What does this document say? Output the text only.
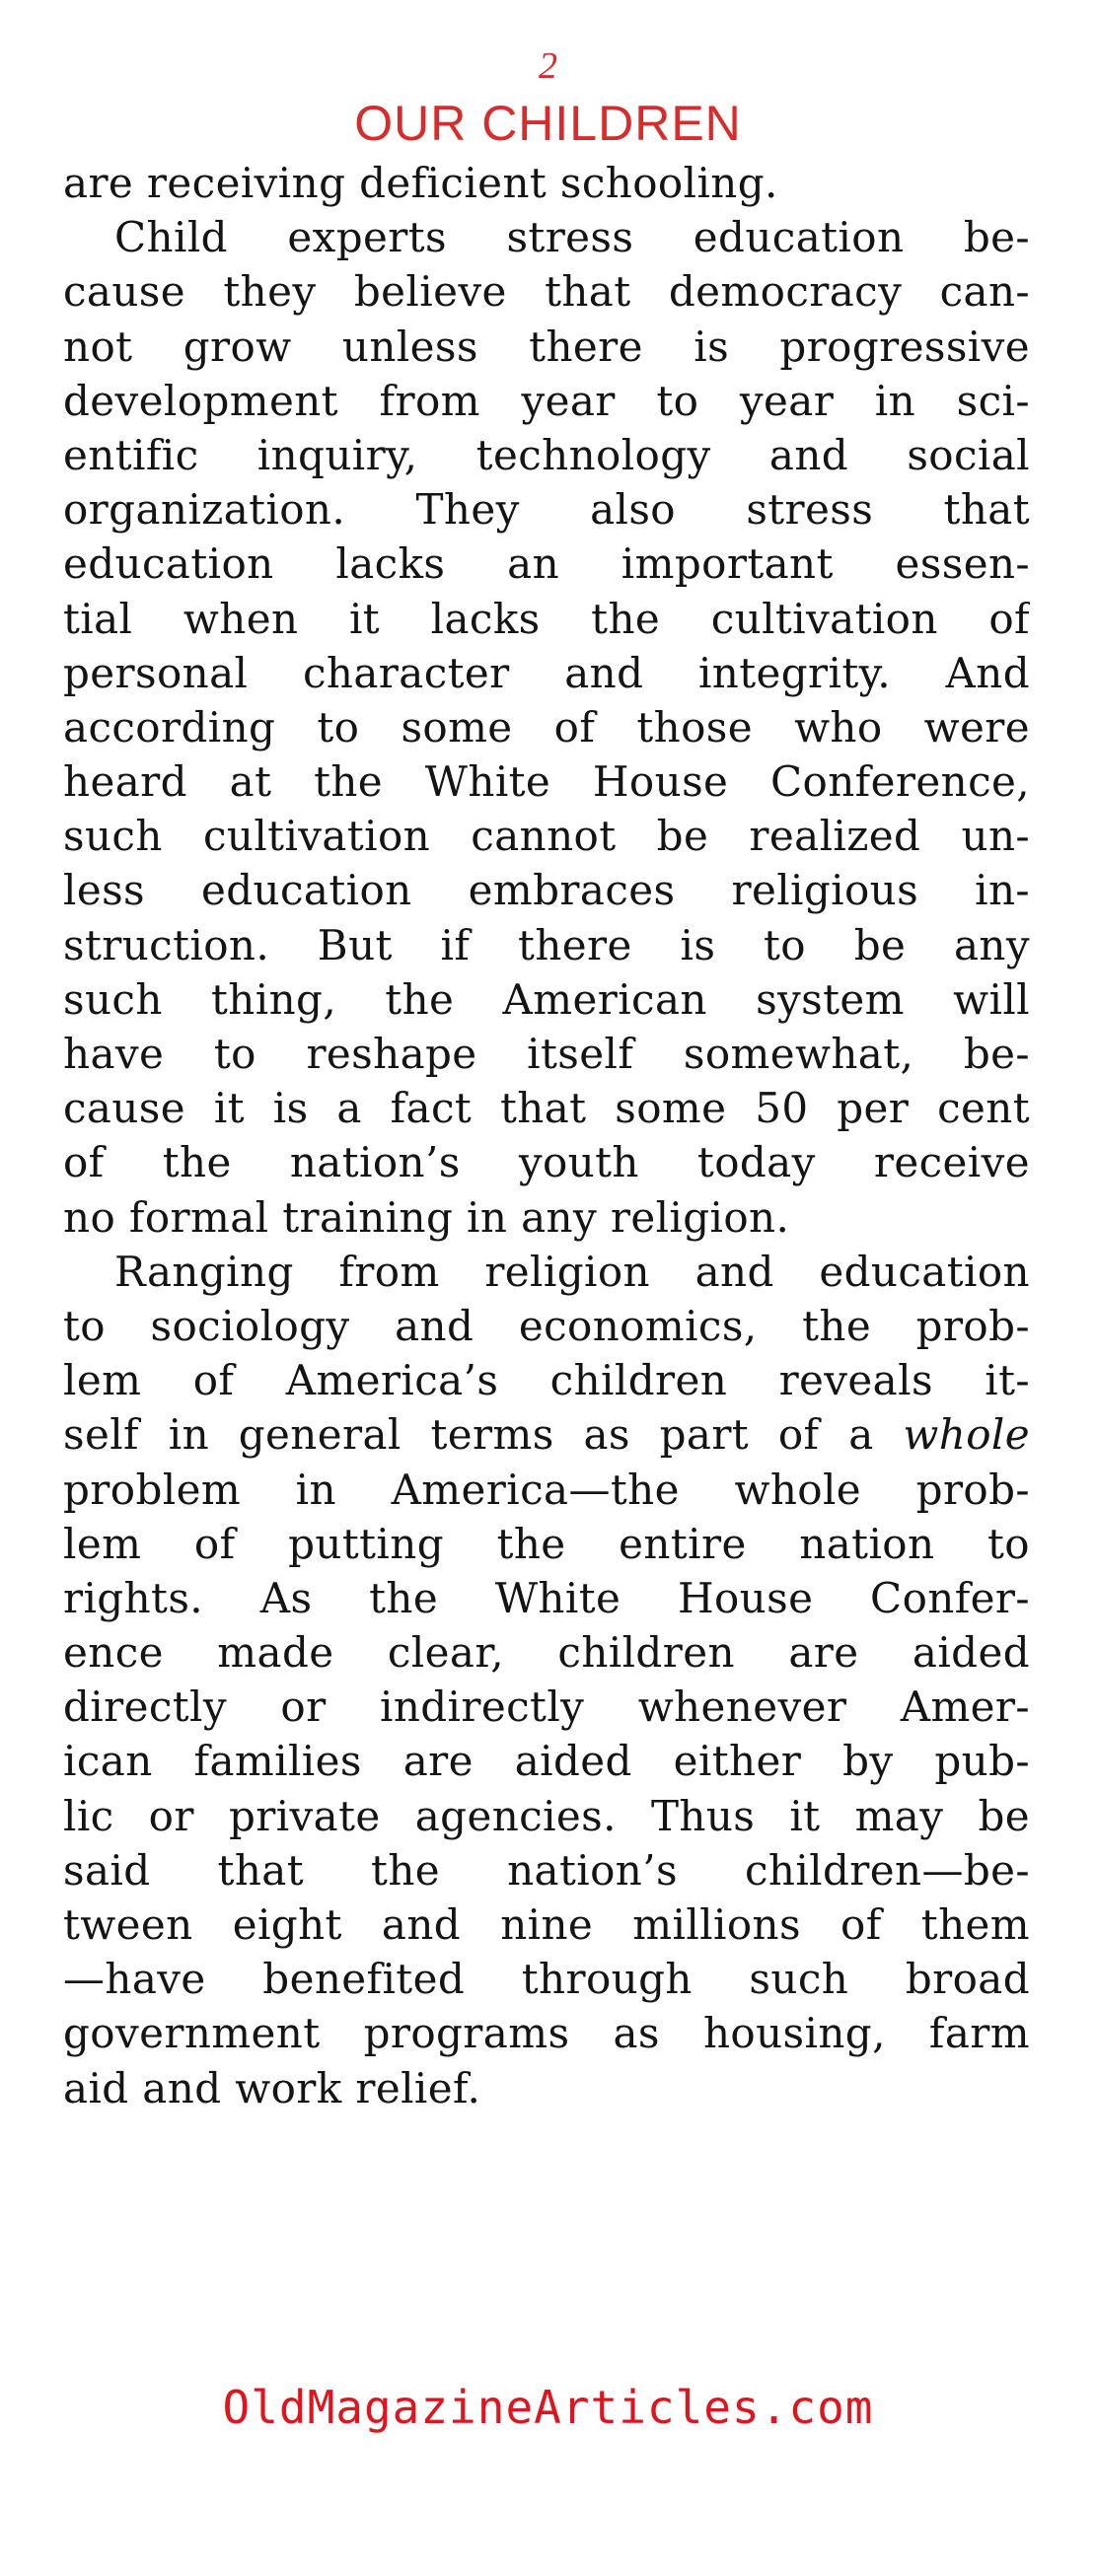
2
OUR CHILDREN
are receiving deficient schooling.
Child experts stress education be-
cause they believe that democracy can-
not grow unless there is progressive
development from year to year in sci-
entific inquiry, technology and social
organization. They also stress that
education lacks an important essen-
tial when it lacks the cultivation of
personal character and integrity. And
according to some of those who were
heard at the White House Conference,
such cultivation cannot be realized un-
less education embraces religious in-
struction. But if there is to be any
such thing, the American system will
have to reshape itself somewhat, be-
cause it is a fact that some 50 per cent
of the nation’s youth today receive
no formal training in any religion.
Ranging from religion and education
to sociology and economics, the prob-
lem of America’s children reveals it-
self in general terms as part of a whole
problem in America—the whole prob-
lem of putting the entire nation to
rights. As the White House Confer-
ence made clear, children are aided
directly or indirectly whenever Amer-
ican families are aided either by pub-
lic or private agencies. Thus it may be
said that the nation’s children—be-
tween eight and nine millions of them
—have benefited through such broad
government programs as housing, farm
aid and work relief.
OldMagazineArticles.com
